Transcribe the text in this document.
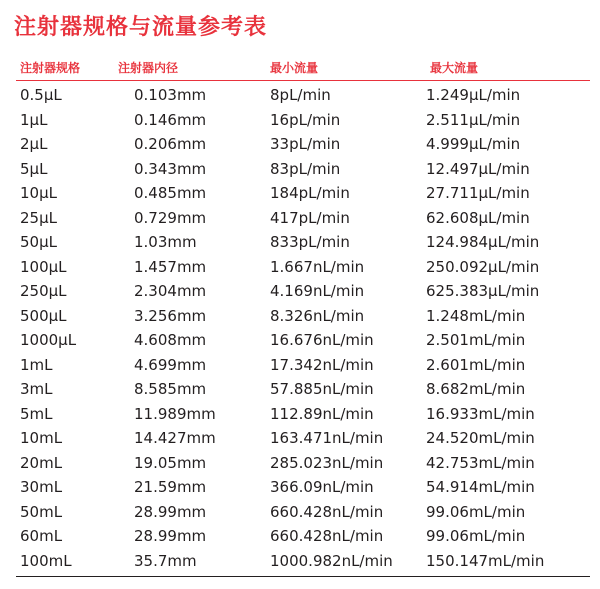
注射器规格与流量参考表
注射器规格	注射器内径	最小流量	最大流量
0.5μL	0.103mm	8pL/min	1.249μL/min
1μL	0.146mm	16pL/min	2.511μL/min
2μL	0.206mm	33pL/min	4.999μL/min
5μL	0.343mm	83pL/min	12.497μL/min
10μL	0.485mm	184pL/min	27.711μL/min
25μL	0.729mm	417pL/min	62.608μL/min
50μL	1.03mm	833pL/min	124.984μL/min
100μL	1.457mm	1.667nL/min	250.092μL/min
250μL	2.304mm	4.169nL/min	625.383μL/min
500μL	3.256mm	8.326nL/min	1.248mL/min
1000μL	4.608mm	16.676nL/min	2.501mL/min
1mL	4.699mm	17.342nL/min	2.601mL/min
3mL	8.585mm	57.885nL/min	8.682mL/min
5mL	11.989mm	112.89nL/min	16.933mL/min
10mL	14.427mm	163.471nL/min	24.520mL/min
20mL	19.05mm	285.023nL/min	42.753mL/min
30mL	21.59mm	366.09nL/min	54.914mL/min
50mL	28.99mm	660.428nL/min	99.06mL/min
60mL	28.99mm	660.428nL/min	99.06mL/min
100mL	35.7mm	1000.982nL/min 150.147mL/min
